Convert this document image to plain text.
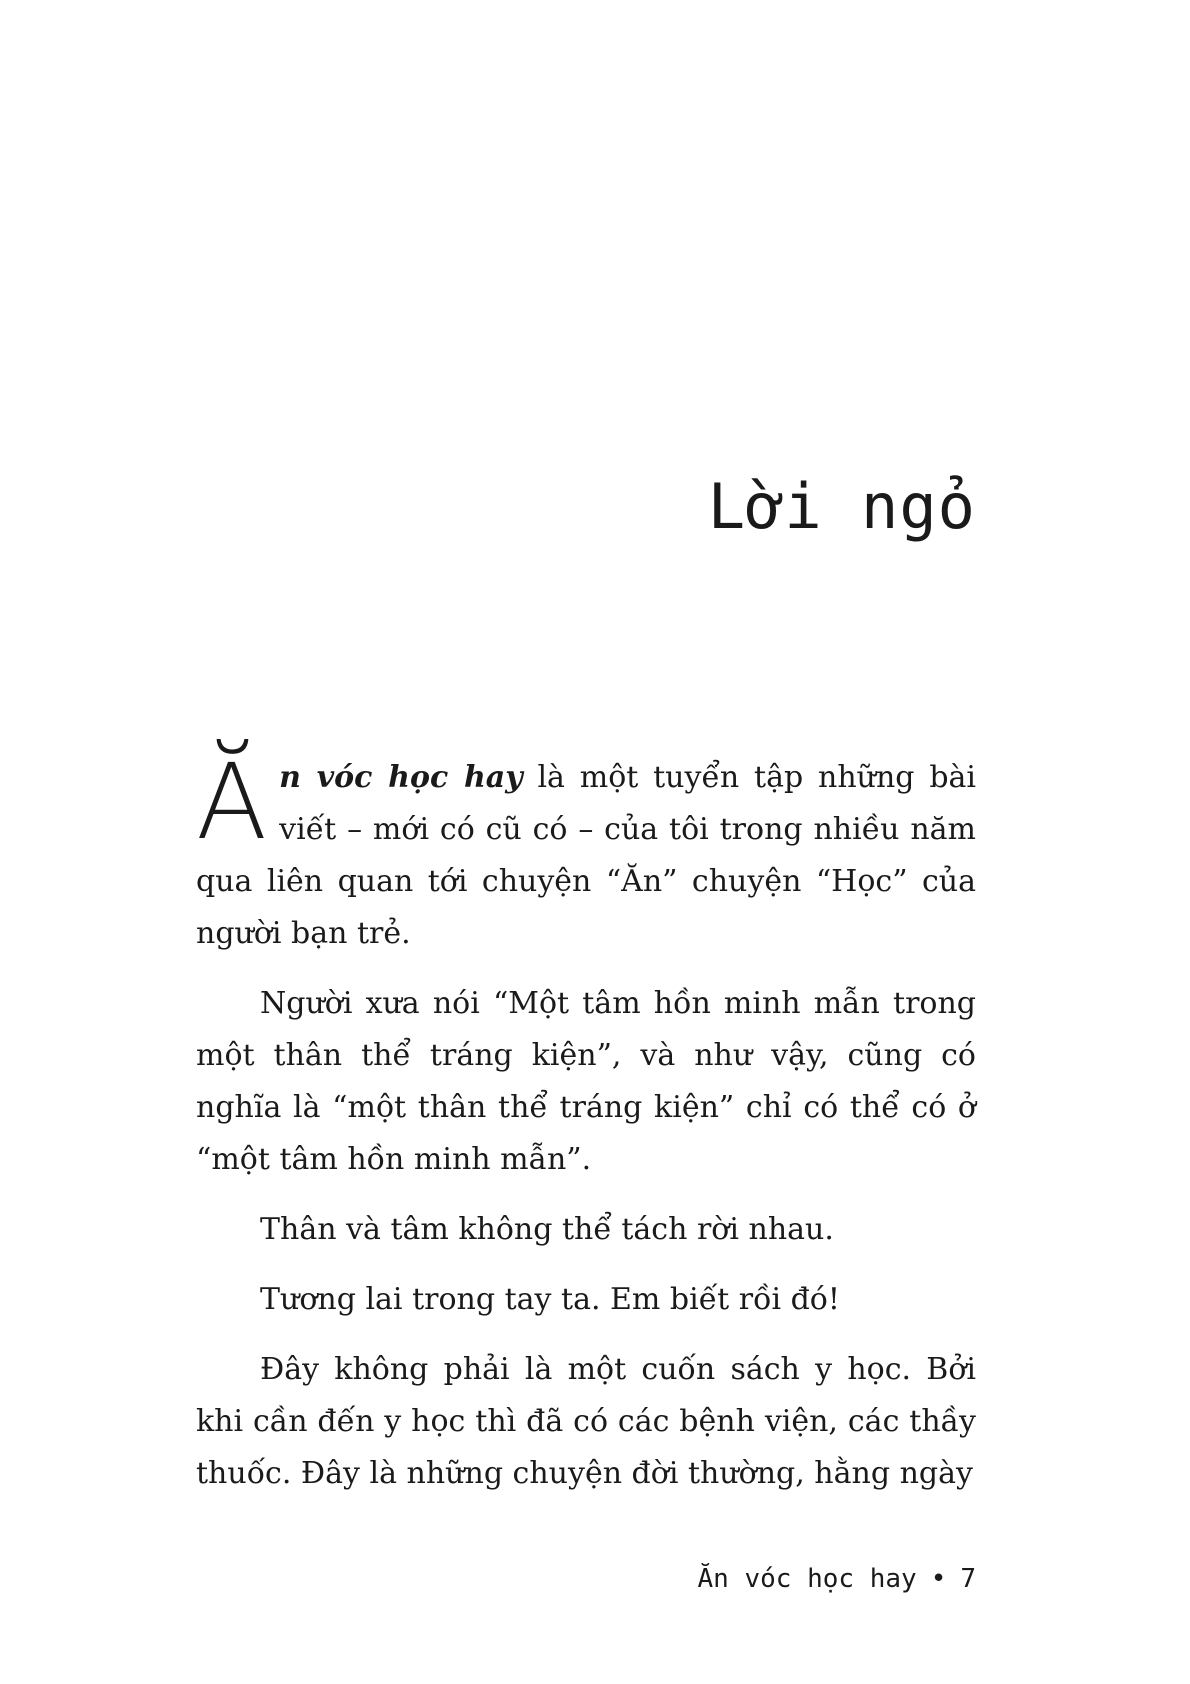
Lời ngỏ

Ăn vóc học hay là một tuyển tập những bài viết – mới có cũ có – của tôi trong nhiều năm qua liên quan tới chuyện “Ăn” chuyện “Học” của người bạn trẻ.

Người xưa nói “Một tâm hồn minh mẫn trong một thân thể tráng kiện”, và như vậy, cũng có nghĩa là “một thân thể tráng kiện” chỉ có thể có ở “một tâm hồn minh mẫn”.

Thân và tâm không thể tách rời nhau.

Tương lai trong tay ta. Em biết rồi đó!

Đây không phải là một cuốn sách y học. Bởi khi cần đến y học thì đã có các bệnh viện, các thầy thuốc. Đây là những chuyện đời thường, hằng ngày

Ăn vóc học hay • 7
